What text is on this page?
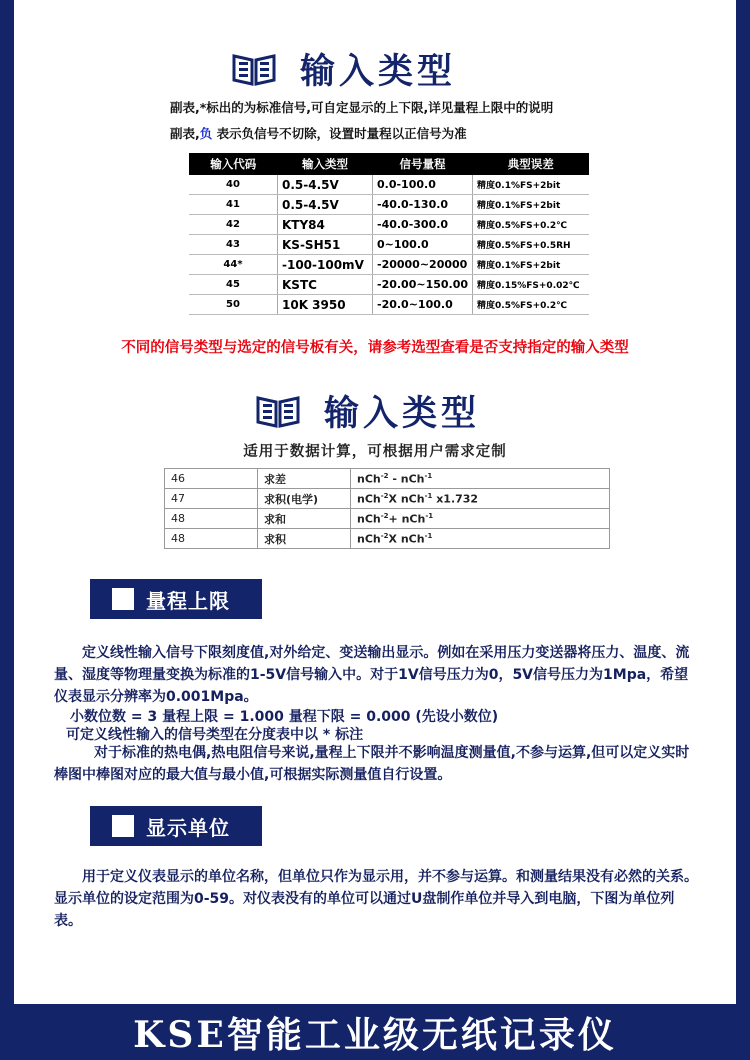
输入类型
副表,*标出的为标准信号,可自定显示的上下限,详见量程上限中的说明
副表,负 表示负信号不切除，设置时量程以正信号为准
输入代码	输入类型	信号量程	典型误差
40	0.5-4.5V	0.0-100.0	精度0.1%FS+2bit
41	0.5-4.5V	-40.0-130.0	精度0.1%FS+2bit
42	KTY84	-40.0-300.0	精度0.5%FS+0.2℃
43	KS-SH51	0~100.0	精度0.5%FS+0.5RH
44*	-100-100mV	-20000~20000	精度0.1%FS+2bit
45	KSTC	-20.00~150.00	精度0.15%FS+0.02℃
50	10K 3950	-20.0~100.0	精度0.5%FS+0.2℃
不同的信号类型与选定的信号板有关，请参考选型查看是否支持指定的输入类型
输入类型
适用于数据计算，可根据用户需求定制
46	求差	nCh$^{-2}$ - nCh$^{-1}$
47	求积(电学)	nCh$^{-2}$X nCh$^{-1}$ x1.732
48	求和	nCh$^{-2}$+ nCh$^{-1}$
48	求积	nCh$^{-2}$X nCh$^{-1}$
量程上限
定义线性输入信号下限刻度值,对外给定、变送输出显示。例如在采用压力变送器将压力、温度、流量、湿度等物理量变换为标准的1-5V信号输入中。对于1V信号压力为0，5V信号压力为1Mpa，希望仪表显示分辨率为0.001Mpa。
小数位数 = 3 量程上限 = 1.000 量程下限 = 0.000 (先设小数位)
可定义线性输入的信号类型在分度表中以 * 标注
对于标准的热电偶,热电阻信号来说,量程上下限并不影响温度测量值,不参与运算,但可以定义实时棒图中棒图对应的最大值与最小值,可根据实际测量值自行设置。
显示单位
用于定义仪表显示的单位名称，但单位只作为显示用，并不参与运算。和测量结果没有必然的关系。显示单位的设定范围为0-59。对仪表没有的单位可以通过U盘制作单位并导入到电脑，下图为单位列表。
KSE智能工业级无纸记录仪
